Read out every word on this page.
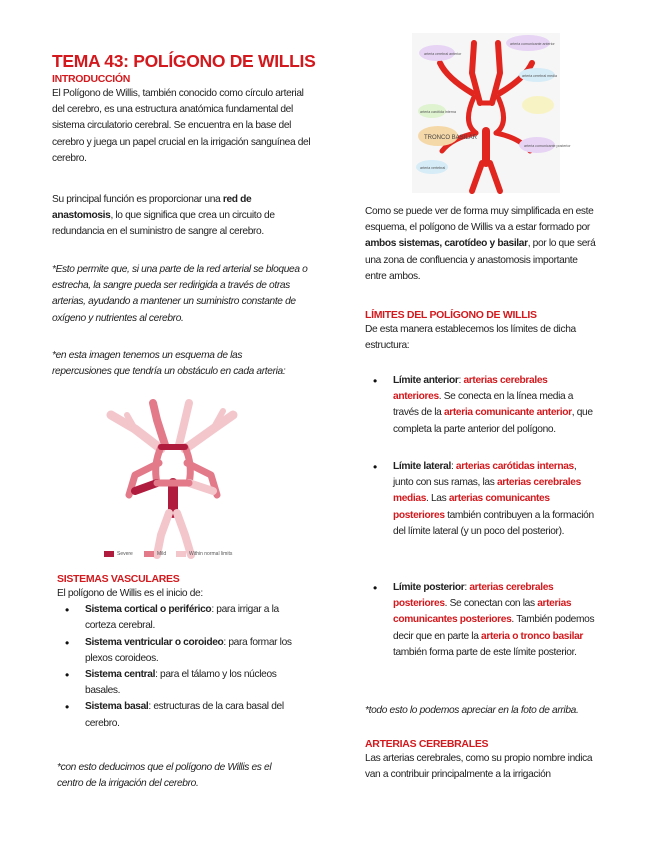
TEMA 43: POLÍGONO DE WILLIS
INTRODUCCIÓN

El Polígono de Willis, también conocido como círculo arterial del cerebro, es una estructura anatómica fundamental del sistema circulatorio cerebral. Se encuentra en la base del cerebro y juega un papel crucial en la irrigación sanguínea del cerebro.

Su principal función es proporcionar una red de anastomosis, lo que significa que crea un circuito de redundancia en el suministro de sangre al cerebro.

*Esto permite que, si una parte de la red arterial se bloquea o estrecha, la sangre pueda ser redirigida a través de otras arterias, ayudando a mantener un suministro constante de oxígeno y nutrientes al cerebro.

*en esta imagen tenemos un esquema de las repercusiones que tendría un obstáculo en cada arteria:

Severe	Mild	Within normal limits
SISTEMAS VASCULARES

El polígono de Willis es el inicio de:

• Sistema cortical o periférico: para irrigar a la corteza cerebral.
• Sistema ventricular o coroideo: para formar los plexos coroideos.
• Sistema central: para el tálamo y los núcleos basales.
• Sistema basal: estructuras de la cara basal del cerebro.

*con esto deducimos que el polígono de Willis es el centro de la irrigación del cerebro.

arteria cerebral anterior
arteria comunicante anterior
arteria cerebral media
arteria carótida interna
arteria comunicante posterior
TRONCO BASILAR
arteria vertebral

Como se puede ver de forma muy simplificada en este esquema, el polígono de Willis va a estar formado por ambos sistemas, carotídeo y basilar, por lo que será una zona de confluencia y anastomosis importante entre ambos.

LÍMITES DEL POLÍGONO DE WILLIS

De esta manera establecemos los límites de dicha estructura:

• Límite anterior: arterias cerebrales anteriores. Se conecta en la línea media a través de la arteria comunicante anterior, que completa la parte anterior del polígono.
• Límite lateral: arterias carótidas internas, junto con sus ramas, las arterias cerebrales medias. Las arterias comunicantes posteriores también contribuyen a la formación del límite lateral (y un poco del posterior).
• Límite posterior: arterias cerebrales posteriores. Se conectan con las arterias comunicantes posteriores. También podemos decir que en parte la arteria o tronco basilar también forma parte de este límite posterior.

*todo esto lo podemos apreciar en la foto de arriba.

ARTERIAS CEREBRALES

Las arterias cerebrales, como su propio nombre indica van a contribuir principalmente a la irrigación
